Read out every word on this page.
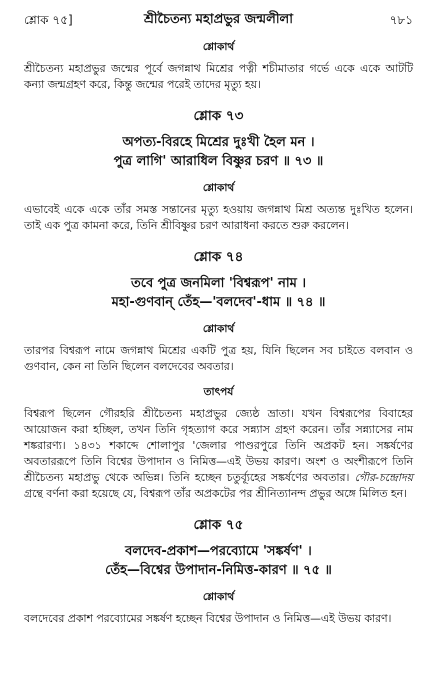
শ্লোক ৭৫]	শ্রীচৈতন্য মহাপ্রভুর জন্মলীলা	৭৮১
শ্লোকার্থ
শ্রীচৈতন্য মহাপ্রভুর জন্মের পূর্বে জগন্নাথ মিশ্রের পত্নী শচীমাতার গর্ভে একে একে আটটি কন্যা জন্মগ্রহণ করে, কিন্তু জন্মের পরেই তাদের মৃত্যু হয়।
শ্লোক ৭৩
অপত্য-বিরহে মিশ্রের দুঃখী হৈল মন ।
পুত্র লাগি' আরাধিল বিষ্ণুর চরণ ॥ ৭৩ ॥
শ্লোকার্থ
এভাবেই একে একে তাঁর সমস্ত সন্তানের মৃত্যু হওয়ায় জগন্নাথ মিশ্র অত্যন্ত দুঃখিত হলেন। তাই এক পুত্র কামনা করে, তিনি শ্রীবিষ্ণুর চরণ আরাধনা করতে শুরু করলেন।
শ্লোক ৭৪
তবে পুত্র জনমিলা 'বিশ্বরূপ' নাম ।
মহা-গুণবান্ তেঁহ—'বলদেব'-ধাম ॥ ৭৪ ॥
শ্লোকার্থ
তারপর বিশ্বরূপ নামে জগন্নাথ মিশ্রের একটি পুত্র হয়, যিনি ছিলেন সব চাইতে বলবান ও গুণবান, কেন না তিনি ছিলেন বলদেবের অবতার।
তাৎপর্য
বিশ্বরূপ ছিলেন গৌরহরি শ্রীচৈতন্য মহাপ্রভুর জ্যেষ্ঠ ভ্রাতা। যখন বিশ্বরূপের বিবাহের আয়োজন করা হচ্ছিল, তখন তিনি গৃহত্যাগ করে সন্ন্যাস গ্রহণ করেন। তাঁর সন্ন্যাসের নাম শঙ্করারণ্য। ১৪৩১ শকাব্দে শোলাপুর 'জেলার পাণ্ডরপুরে তিনি অপ্রকট হন। সঙ্কর্ষণের অবতাররূপে তিনি বিশ্বের উপাদান ও নিমিত্ত—এই উভয় কারণ। অংশ ও অংশীরূপে তিনি শ্রীচৈতন্য মহাপ্রভু থেকে অভিন্ন। তিনি হচ্ছেন চতুর্ব্যূহের সঙ্কর্ষণের অবতার। গৌর-চন্দ্রোদয় গ্রন্থে বর্ণনা করা হয়েছে যে, বিশ্বরূপ তাঁর অপ্রকটের পর শ্রীনিত্যানন্দ প্রভুর অঙ্গে মিলিত হন।
শ্লোক ৭৫
বলদেব-প্রকাশ—পরব্যোমে 'সঙ্কর্ষণ' ।
তেঁহ—বিশ্বের উপাদান-নিমিত্ত-কারণ ॥ ৭৫ ॥
শ্লোকার্থ
বলদেবের প্রকাশ পরব্যোমের সঙ্কর্ষণ হচ্ছেন বিশ্বের উপাদান ও নিমিত্ত—এই উভয় কারণ।
